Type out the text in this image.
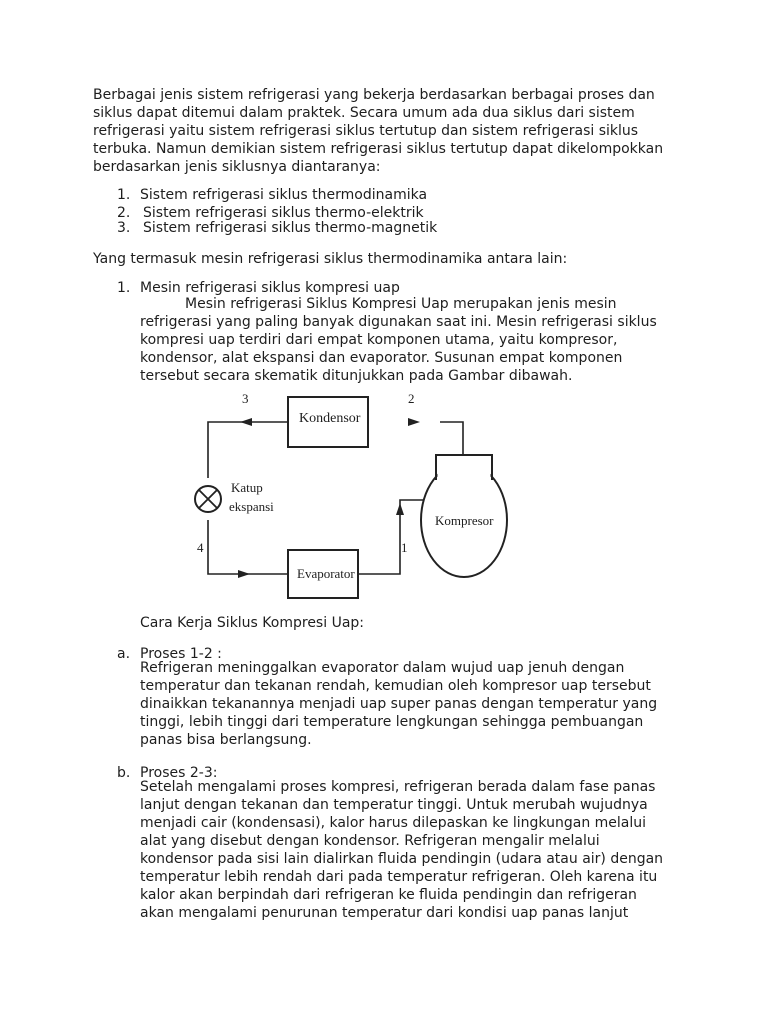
Berbagai jenis sistem refrigerasi yang bekerja berdasarkan berbagai proses dan
siklus dapat ditemui dalam praktek. Secara umum ada dua siklus dari sistem
refrigerasi yaitu sistem refrigerasi siklus tertutup dan sistem refrigerasi siklus
terbuka. Namun demikian sistem refrigerasi siklus tertutup dapat dikelompokkan
berdasarkan jenis siklusnya diantaranya:

1. Sistem refrigerasi siklus thermodinamika
2. Sistem refrigerasi siklus thermo-elektrik
3. Sistem refrigerasi siklus thermo-magnetik
Yang termasuk mesin refrigerasi siklus thermodinamika antara lain:
1. Mesin refrigerasi siklus kompresi uap
Mesin refrigerasi Siklus Kompresi Uap merupakan jenis mesin
refrigerasi yang paling banyak digunakan saat ini. Mesin refrigerasi siklus
kompresi uap terdiri dari empat komponen utama, yaitu kompresor,
kondensor, alat ekspansi dan evaporator. Susunan empat komponen
tersebut secara skematik ditunjukkan pada Gambar dibawah.
Kondensor
Evaporator
Kompresor
Katup
ekspansi
1
2
3
4
Cara Kerja Siklus Kompresi Uap:
a. Proses 1-2 :
Refrigeran meninggalkan evaporator dalam wujud uap jenuh dengan
temperatur dan tekanan rendah, kemudian oleh kompresor uap tersebut
dinaikkan tekanannya menjadi uap super panas dengan temperatur yang
tinggi, lebih tinggi dari temperature lengkungan sehingga pembuangan
panas bisa berlangsung.
b. Proses 2-3:
Setelah mengalami proses kompresi, refrigeran berada dalam fase panas
lanjut dengan tekanan dan temperatur tinggi. Untuk merubah wujudnya
menjadi cair (kondensasi), kalor harus dilepaskan ke lingkungan melalui
alat yang disebut dengan kondensor. Refrigeran mengalir melalui
kondensor pada sisi lain dialirkan fluida pendingin (udara atau air) dengan
temperatur lebih rendah dari pada temperatur refrigeran. Oleh karena itu
kalor akan berpindah dari refrigeran ke fluida pendingin dan refrigeran
akan mengalami penurunan temperatur dari kondisi uap panas lanjut
